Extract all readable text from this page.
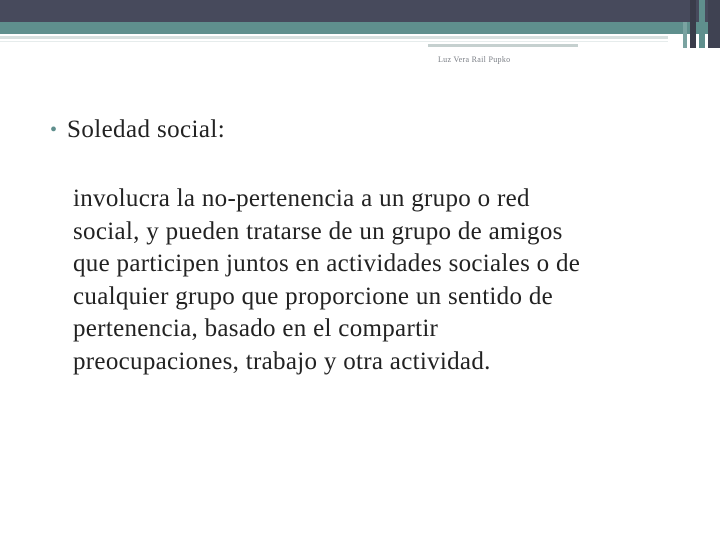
Luz Vera Rail Pupko
• Soledad social:
involucra la no-pertenencia a un grupo o red
social, y pueden tratarse de un grupo de amigos
que participen juntos en actividades sociales o de
cualquier grupo que proporcione un sentido de
pertenencia, basado en el compartir
preocupaciones, trabajo y otra actividad.
